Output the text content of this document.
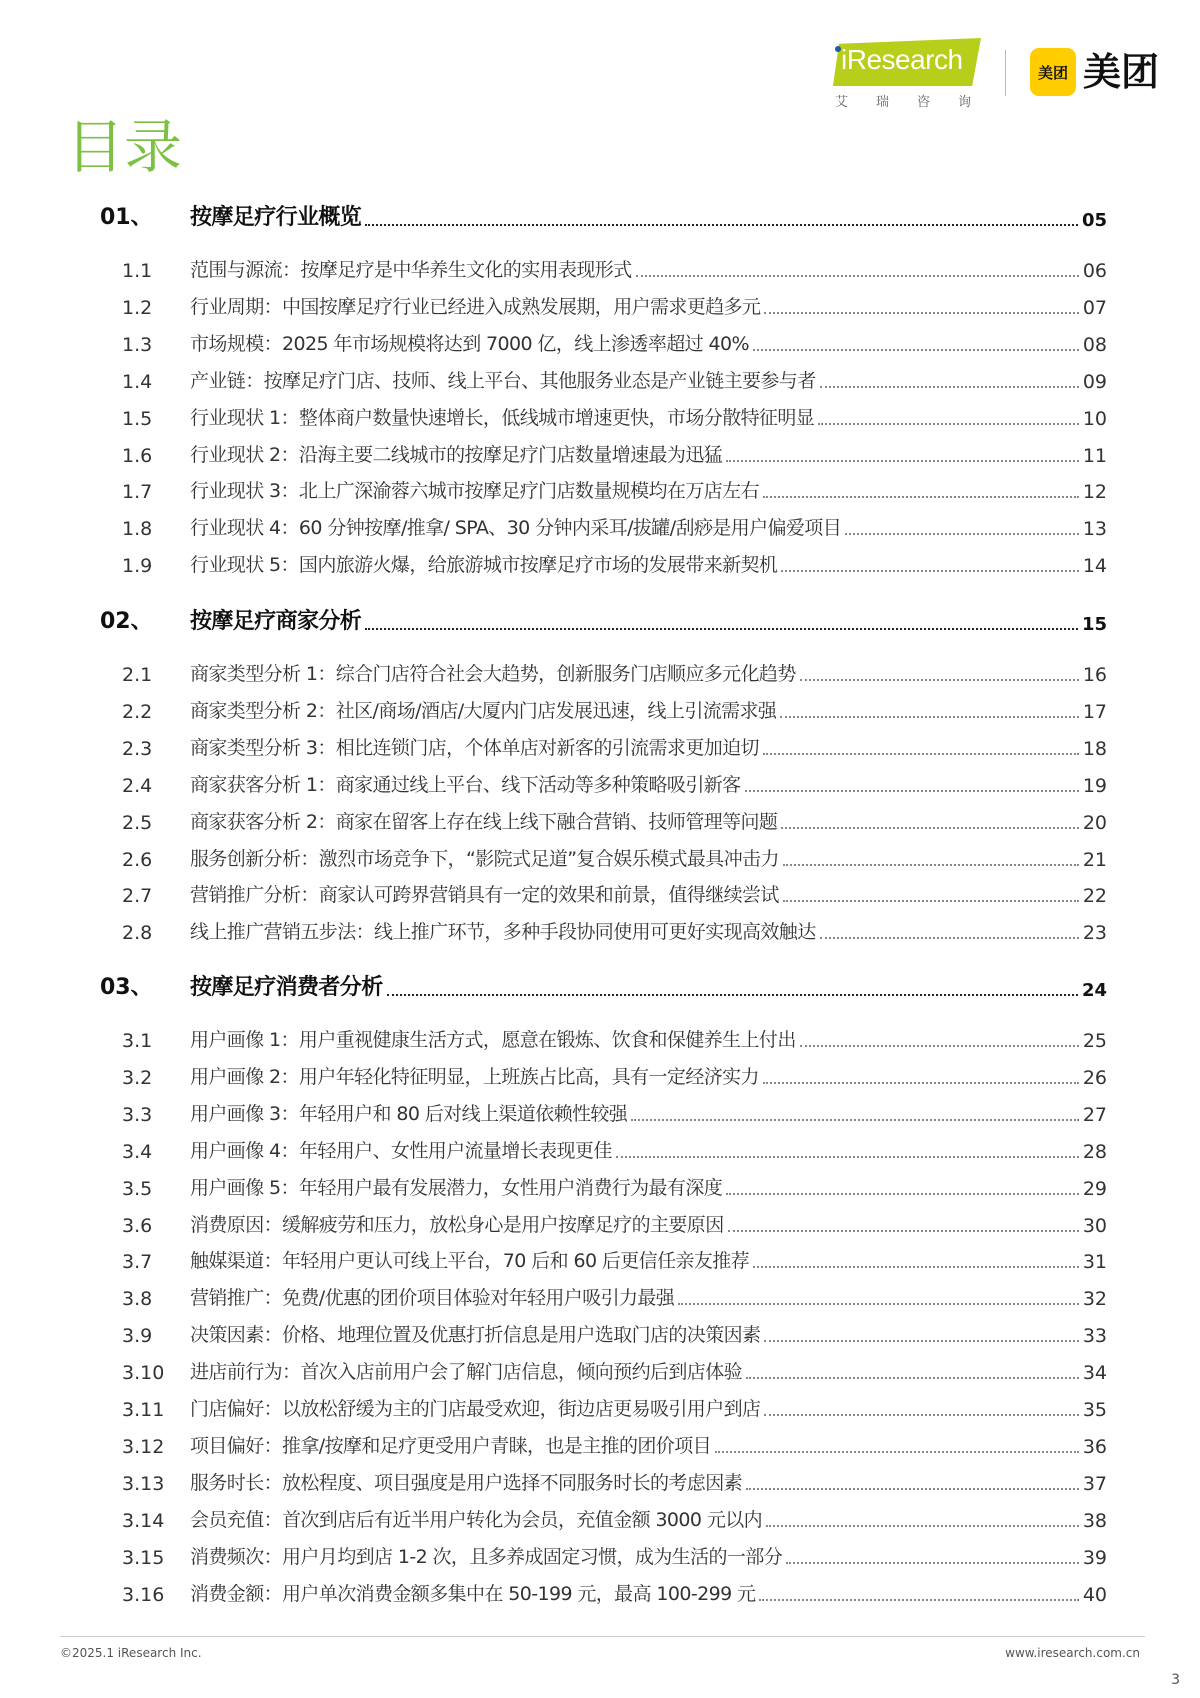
iResearch
艾瑞咨询
美团 美团
目录
01、 按摩足疗行业概览	05
1.1 范围与源流：按摩足疗是中华养生文化的实用表现形式	06
1.2 行业周期：中国按摩足疗行业已经进入成熟发展期，用户需求更趋多元	07
1.3 市场规模：2025 年市场规模将达到 7000 亿，线上渗透率超过 40%	08
1.4 产业链：按摩足疗门店、技师、线上平台、其他服务业态是产业链主要参与者	09
1.5 行业现状 1：整体商户数量快速增长，低线城市增速更快，市场分散特征明显	10
1.6 行业现状 2：沿海主要二线城市的按摩足疗门店数量增速最为迅猛	11
1.7 行业现状 3：北上广深渝蓉六城市按摩足疗门店数量规模均在万店左右	12
1.8 行业现状 4：60 分钟按摩/推拿/ SPA、30 分钟内采耳/拔罐/刮痧是用户偏爱项目	13
1.9 行业现状 5：国内旅游火爆，给旅游城市按摩足疗市场的发展带来新契机	14
02、 按摩足疗商家分析	15
2.1 商家类型分析 1：综合门店符合社会大趋势，创新服务门店顺应多元化趋势	16
2.2 商家类型分析 2：社区/商场/酒店/大厦内门店发展迅速，线上引流需求强	17
2.3 商家类型分析 3：相比连锁门店，个体单店对新客的引流需求更加迫切	18
2.4 商家获客分析 1：商家通过线上平台、线下活动等多种策略吸引新客	19
2.5 商家获客分析 2：商家在留客上存在线上线下融合营销、技师管理等问题	20
2.6 服务创新分析：激烈市场竞争下，“影院式足道”复合娱乐模式最具冲击力	21
2.7 营销推广分析：商家认可跨界营销具有一定的效果和前景，值得继续尝试	22
2.8 线上推广营销五步法：线上推广环节，多种手段协同使用可更好实现高效触达	23
03、 按摩足疗消费者分析	24
3.1 用户画像 1：用户重视健康生活方式，愿意在锻炼、饮食和保健养生上付出	25
3.2 用户画像 2：用户年轻化特征明显，上班族占比高，具有一定经济实力	26
3.3 用户画像 3：年轻用户和 80 后对线上渠道依赖性较强	27
3.4 用户画像 4：年轻用户、女性用户流量增长表现更佳	28
3.5 用户画像 5：年轻用户最有发展潜力，女性用户消费行为最有深度	29
3.6 消费原因：缓解疲劳和压力，放松身心是用户按摩足疗的主要原因	30
3.7 触媒渠道：年轻用户更认可线上平台，70 后和 60 后更信任亲友推荐	31
3.8 营销推广：免费/优惠的团价项目体验对年轻用户吸引力最强	32
3.9 决策因素：价格、地理位置及优惠打折信息是用户选取门店的决策因素	33
3.10 进店前行为：首次入店前用户会了解门店信息，倾向预约后到店体验	34
3.11 门店偏好：以放松舒缓为主的门店最受欢迎，街边店更易吸引用户到店	35
3.12 项目偏好：推拿/按摩和足疗更受用户青睐，也是主推的团价项目	36
3.13 服务时长：放松程度、项目强度是用户选择不同服务时长的考虑因素	37
3.14 会员充值：首次到店后有近半用户转化为会员，充值金额 3000 元以内	38
3.15 消费频次：用户月均到店 1-2 次，且多养成固定习惯，成为生活的一部分	39
3.16 消费金额：用户单次消费金额多集中在 50-199 元，最高 100-299 元	40
©2025.1 iResearch Inc.	www.iresearch.com.cn
3
